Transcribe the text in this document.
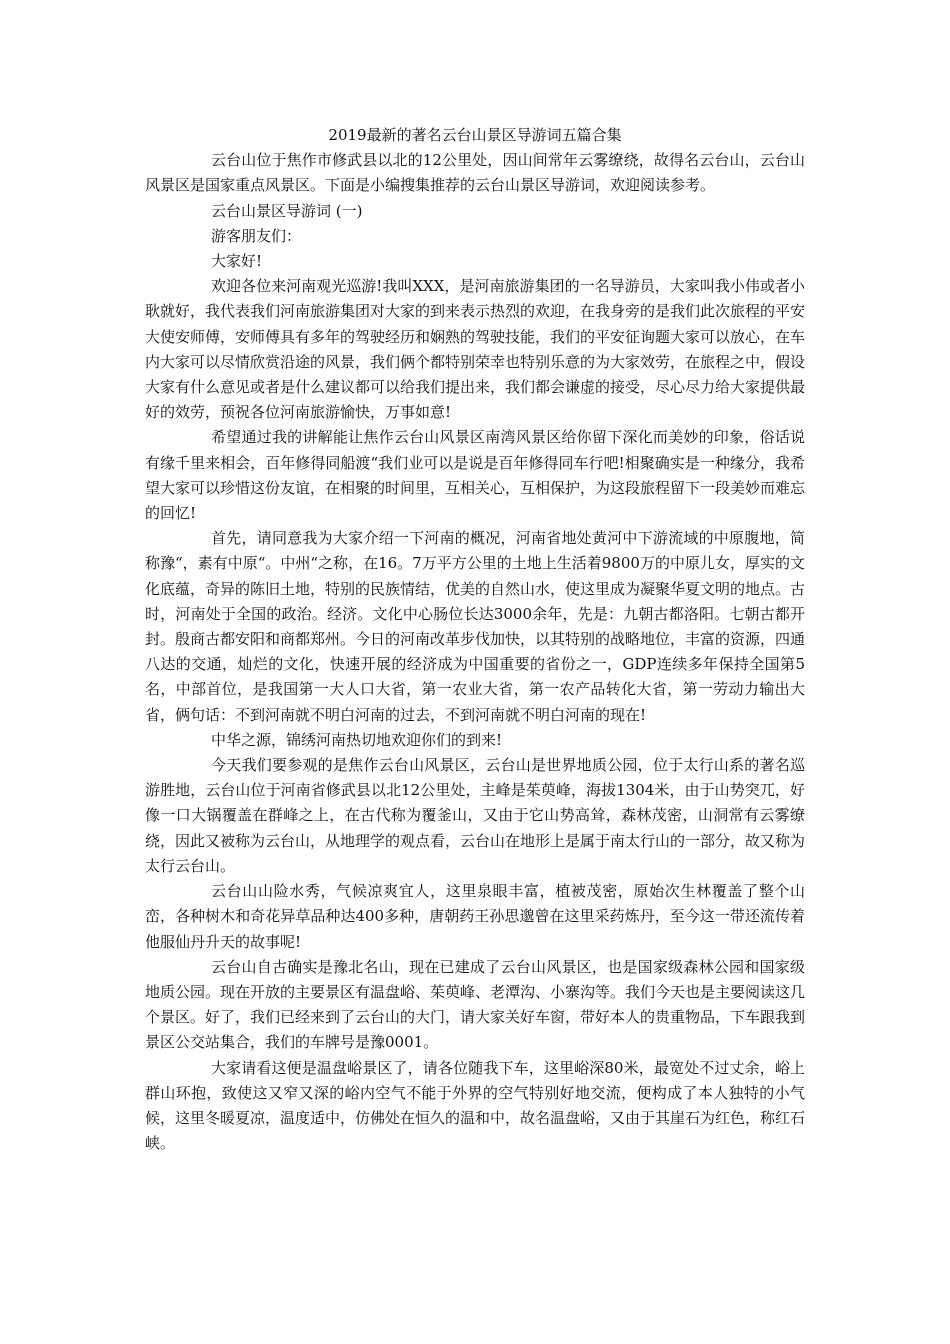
2019最新的著名云台山景区导游词五篇合集

云台山位于焦作市修武县以北的12公里处，因山间常年云雾缭绕，故得名云台山，云台山风景区是国家重点风景区。下面是小编搜集推荐的云台山景区导游词，欢迎阅读参考。

云台山景区导游词 (一)

游客朋友们：

大家好!

欢迎各位来河南观光巡游!我叫XXX，是河南旅游集团的一名导游员，大家叫我小伟或者小耿就好，我代表我们河南旅游集团对大家的到来表示热烈的欢迎，在我身旁的是我们此次旅程的平安大使安师傅，安师傅具有多年的驾驶经历和娴熟的驾驶技能，我们的平安征询题大家可以放心，在车内大家可以尽情欣赏沿途的风景，我们俩个都特别荣幸也特别乐意的为大家效劳，在旅程之中，假设大家有什么意见或者是什么建议都可以给我们提出来，我们都会谦虚的接受，尽心尽力给大家提供最好的效劳，预祝各位河南旅游愉快，万事如意!

希望通过我的讲解能让焦作云台山风景区南湾风景区给你留下深化而美妙的印象，俗话说有缘千里来相会，百年修得同船渡“我们业可以是说是百年修得同车行吧!相聚确实是一种缘分，我希望大家可以珍惜这份友谊，在相聚的时间里，互相关心，互相保护，为这段旅程留下一段美妙而难忘的回忆!

首先，请同意我为大家介绍一下河南的概况，河南省地处黄河中下游流域的中原腹地，简称豫“，素有中原“。中州“之称，在16。7万平方公里的土地上生活着9800万的中原儿女，厚实的文化底蕴，奇异的陈旧土地，特别的民族情结，优美的自然山水，使这里成为凝聚华夏文明的地点。古时，河南处于全国的政治。经济。文化中心肠位长达3000余年，先是：九朝古都洛阳。七朝古都开封。殷商古都安阳和商都郑州。今日的河南改革步伐加快，以其特别的战略地位，丰富的资源，四通八达的交通，灿烂的文化，快速开展的经济成为中国重要的省份之一，GDP连续多年保持全国第5名，中部首位，是我国第一大人口大省，第一农业大省，第一农产品转化大省，第一劳动力输出大省，俩句话：不到河南就不明白河南的过去，不到河南就不明白河南的现在!

中华之源，锦绣河南热切地欢迎你们的到来!

今天我们要参观的是焦作云台山风景区，云台山是世界地质公园，位于太行山系的著名巡游胜地，云台山位于河南省修武县以北12公里处，主峰是茱萸峰，海拔1304米，由于山势突兀，好像一口大锅覆盖在群峰之上，在古代称为覆釜山，又由于它山势高耸，森林茂密，山洞常有云雾缭绕，因此又被称为云台山，从地理学的观点看，云台山在地形上是属于南太行山的一部分，故又称为太行云台山。

云台山山险水秀，气候凉爽宜人，这里泉眼丰富，植被茂密，原始次生林覆盖了整个山峦，各种树木和奇花异草品种达400多种，唐朝药王孙思邈曾在这里采药炼丹，至今这一带还流传着他服仙丹升天的故事呢!

云台山自古确实是豫北名山，现在已建成了云台山风景区，也是国家级森林公园和国家级地质公园。现在开放的主要景区有温盘峪、茱萸峰、老潭沟、小寨沟等。我们今天也是主要阅读这几个景区。好了，我们已经来到了云台山的大门，请大家关好车窗，带好本人的贵重物品，下车跟我到景区公交站集合，我们的车牌号是豫0001。

大家请看这便是温盘峪景区了，请各位随我下车，这里峪深80米，最宽处不过丈余，峪上群山环抱，致使这又窄又深的峪内空气不能于外界的空气特别好地交流，便构成了本人独特的小气候，这里冬暖夏凉，温度适中，仿佛处在恒久的温和中，故名温盘峪，又由于其崖石为红色，称红石峡。
